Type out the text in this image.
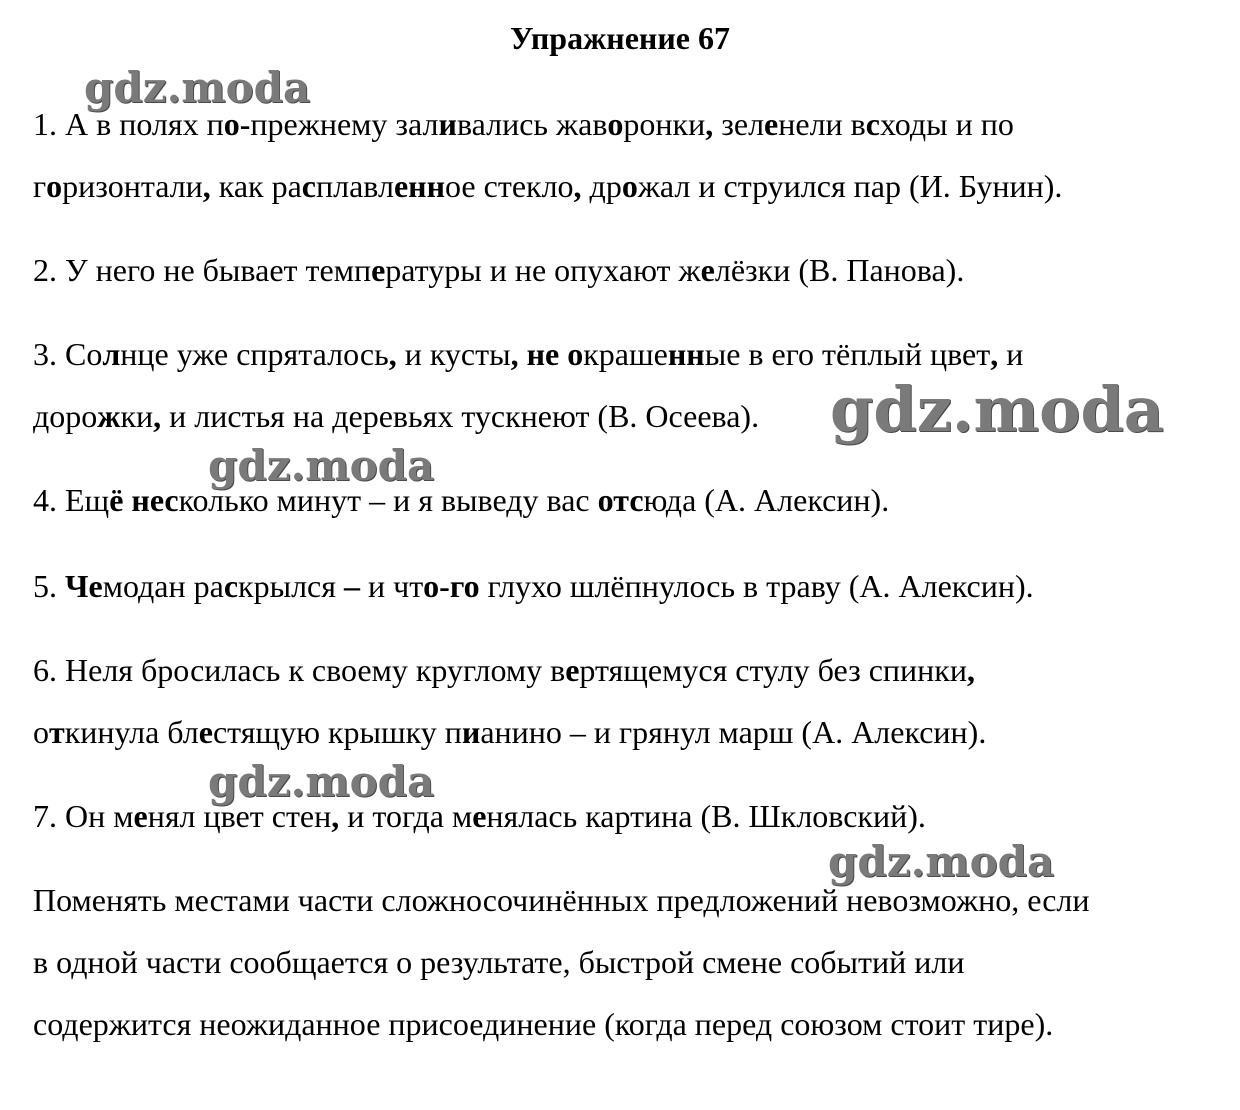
Упражнение 67
gdz.moda
gdz.moda
gdz.moda
gdz.moda
gdz.moda
1. А в полях по-прежнему заливались жаворонки, зеленели всходы и по
горизонтали, как расплавленное стекло, дрожал и струился пар (И. Бунин).
2. У него не бывает температуры и не опухают желёзки (В. Панова).
3. Солнце уже спряталось, и кусты, не окрашенные в его тёплый цвет, и
дорожки, и листья на деревьях тускнеют (В. Осеева).
4. Ещё несколько минут – и я выведу вас отсюда (А. Алексин).
5. Чемодан раскрылся – и что-го глухо шлёпнулось в траву (А. Алексин).
6. Неля бросилась к своему круглому вертящемуся стулу без спинки,
откинула блестящую крышку пианино – и грянул марш (А. Алексин).
7. Он менял цвет стен, и тогда менялась картина (В. Шкловский).
Поменять местами части сложносочинённых предложений невозможно, если
в одной части сообщается о результате, быстрой смене событий или
содержится неожиданное присоединение (когда перед союзом стоит тире).
